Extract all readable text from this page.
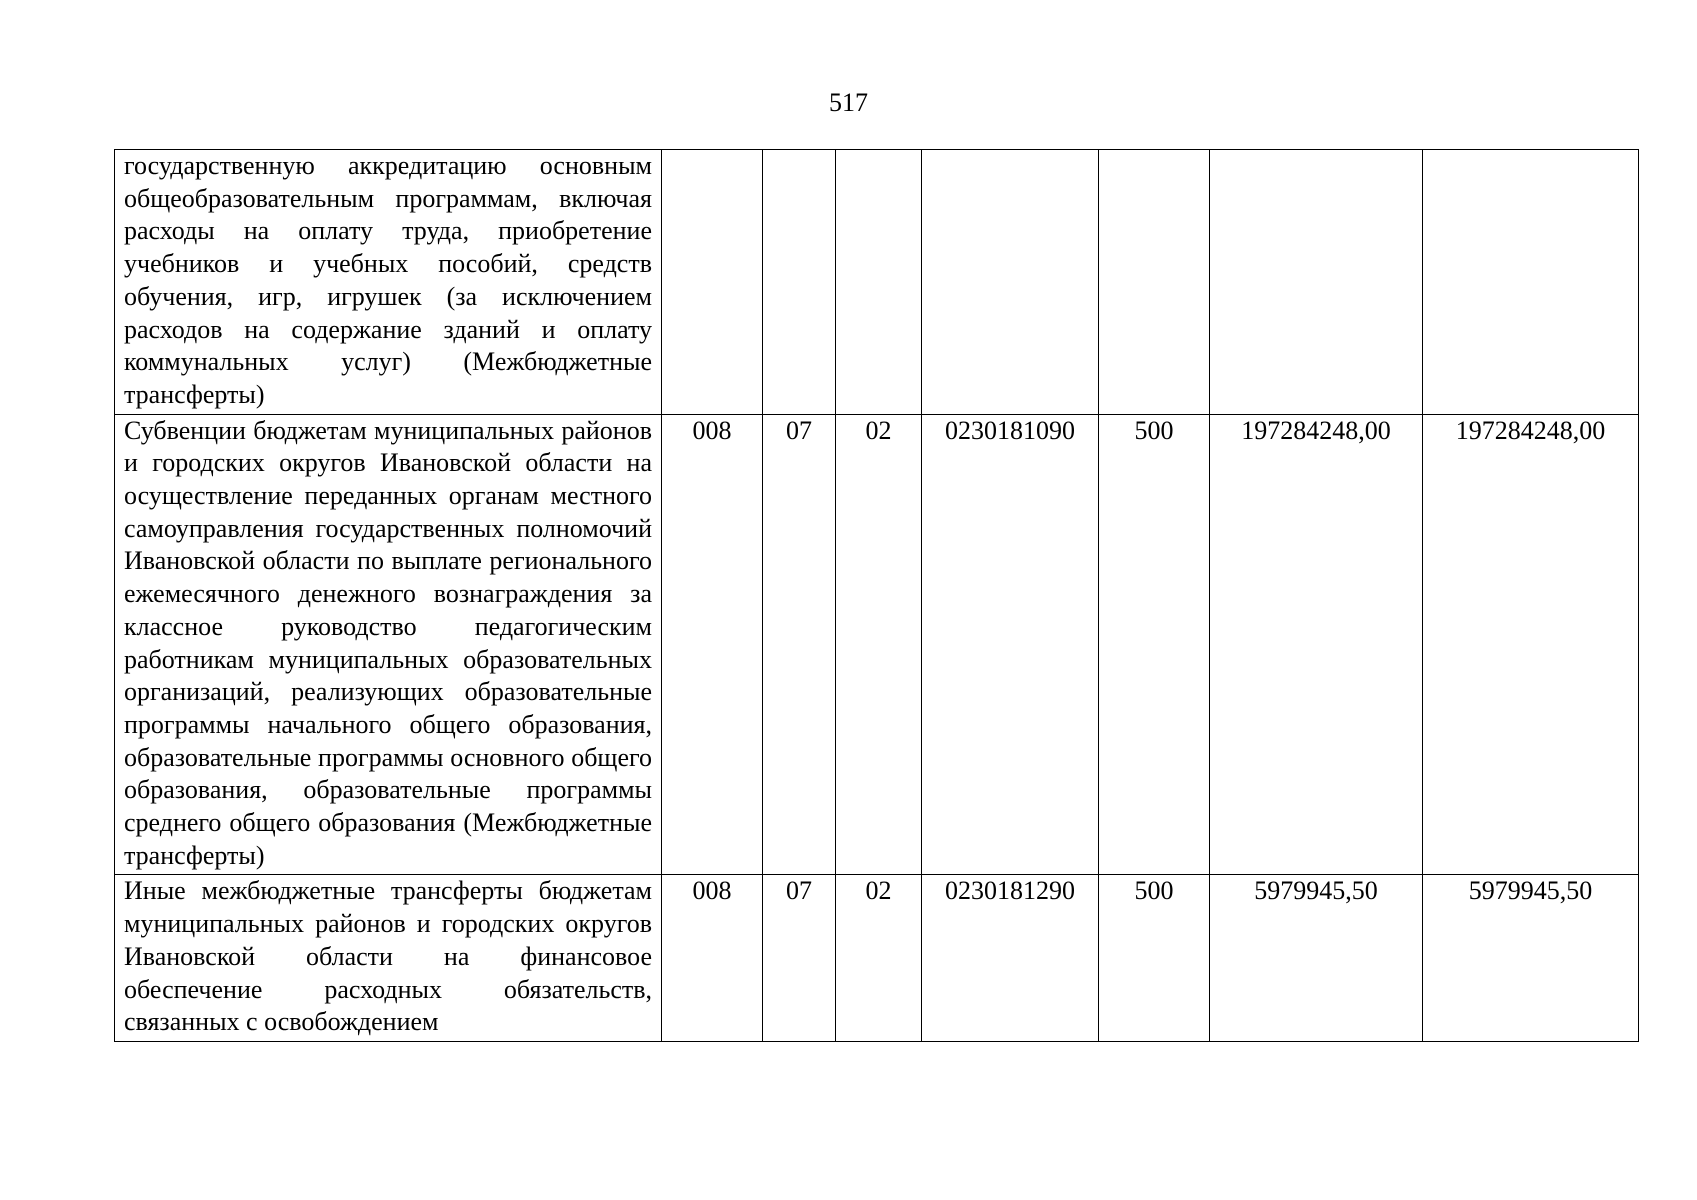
517
государственную аккредитацию основным общеобразовательным программам, включая расходы на оплату труда, приобретение учебников и учебных пособий, средств обучения, игр, игрушек (за исключением расходов на содержание зданий и оплату коммунальных услуг) (Межбюджетные трансферты)							
Субвенции бюджетам муниципальных районов и городских округов Ивановской области на осуществление переданных органам местного самоуправления государственных полномочий Ивановской области по выплате регионального ежемесячного денежного вознаграждения за классное руководство педагогическим работникам муниципальных образовательных организаций, реализующих образовательные программы начального общего образования, образовательные программы основного общего образования, образовательные программы среднего общего образования (Межбюджетные трансферты)	008	07	02	0230181090	500	197284248,00	197284248,00
Иные межбюджетные трансферты бюджетам муниципальных районов и городских округов Ивановской области на финансовое обеспечение расходных обязательств, связанных с освобождением	008	07	02	0230181290	500	5979945,50	5979945,50
